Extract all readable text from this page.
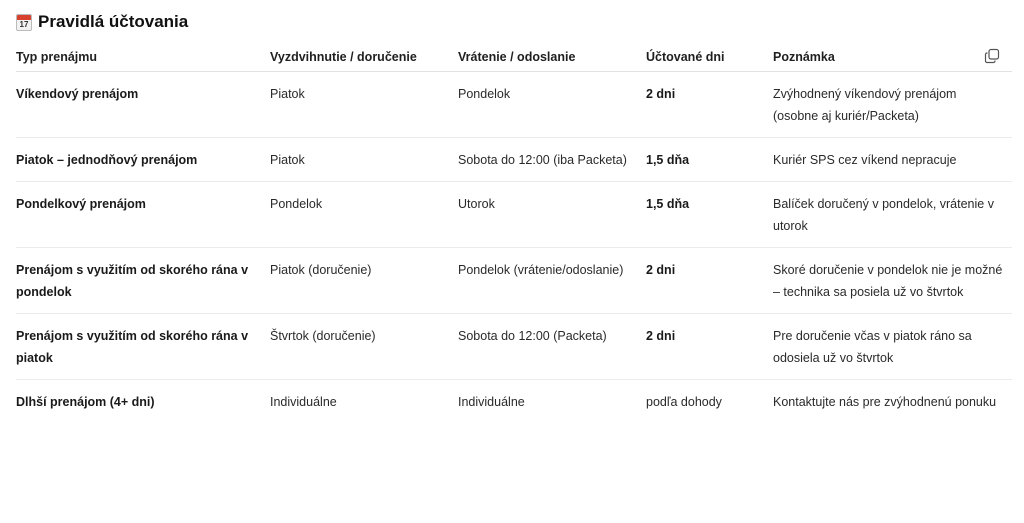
17 Pravidlá účtovania
Typ prenájmu	Vyzdvihnutie / doručenie	Vrátenie / odoslanie	Účtované dni	Poznámka

Víkendový prenájom	Piatok	Pondelok	2 dni	Zvýhodnený víkendový prenájom (osobne aj kuriér/Packeta)
Piatok – jednodňový prenájom	Piatok	Sobota do 12:00 (iba Packeta)	1,5 dňa	Kuriér SPS cez víkend nepracuje
Pondelkový prenájom	Pondelok	Utorok	1,5 dňa	Balíček doručený v pondelok, vrátenie v utorok
Prenájom s využitím od skorého rána v pondelok	Piatok (doručenie)	Pondelok (vrátenie/odoslanie)	2 dni	Skoré doručenie v pondelok nie je možné – technika sa posiela už vo štvrtok
Prenájom s využitím od skorého rána v piatok	Štvrtok (doručenie)	Sobota do 12:00 (Packeta)	2 dni	Pre doručenie včas v piatok ráno sa odosiela už vo štvrtok
Dlhší prenájom (4+ dni)	Individuálne	Individuálne	podľa dohody	Kontaktujte nás pre zvýhodnenú ponuku
